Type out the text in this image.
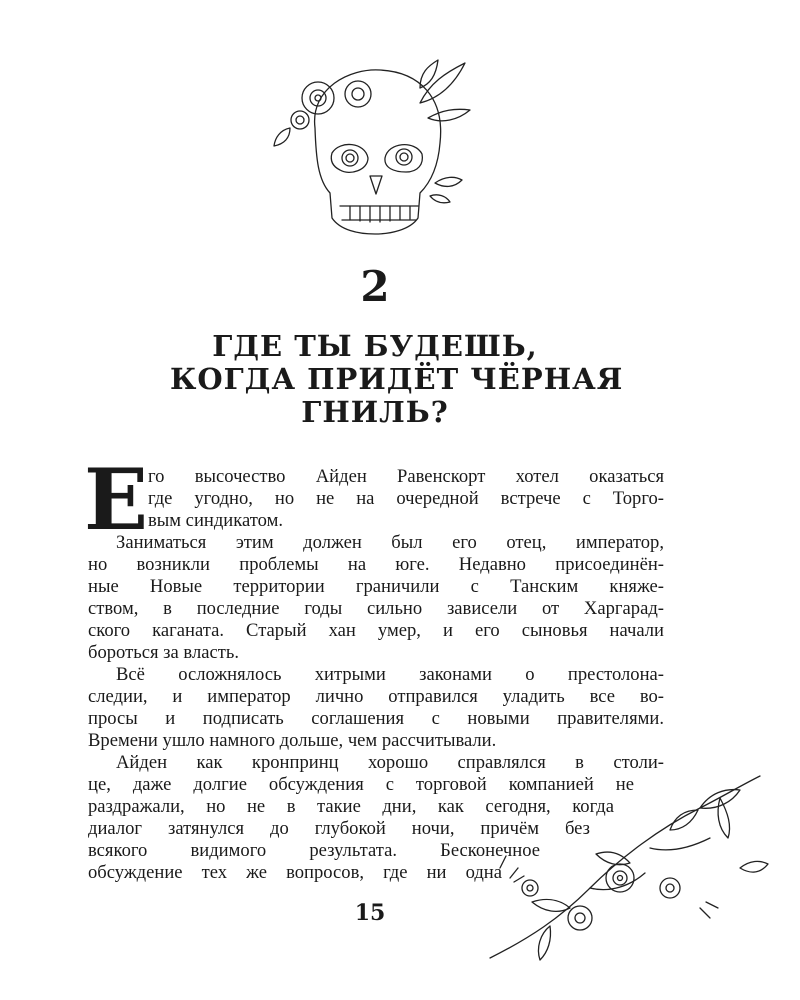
2
ГДЕ ТЫ БУДЕШЬ,
КОГДА ПРИДЁТ ЧЁРНАЯ
ГНИЛЬ?
Е го высочество Айден Равенскорт хотел оказаться
где угодно, но не на очередной встрече с Торго-
вым синдикатом.
Заниматься этим должен был его отец, император,
но возникли проблемы на юге. Недавно присоединён-
ные Новые территории граничили с Танским княже-
ством, в последние годы сильно зависели от Харгарад-
ского каганата. Старый хан умер, и его сыновья начали
бороться за власть.
Всё осложнялось хитрыми законами о престолона-
следии, и император лично отправился уладить все во-
просы и подписать соглашения с новыми правителями.
Времени ушло намного дольше, чем рассчитывали.
Айден как кронпринц хорошо справлялся в столи-
це, даже долгие обсуждения с торговой компанией не
раздражали, но не в такие дни, как сегодня, когда
диалог затянулся до глубокой ночи, причём без
всякого видимого результата. Бесконечное
обсуждение тех же вопросов, где ни одна
15
